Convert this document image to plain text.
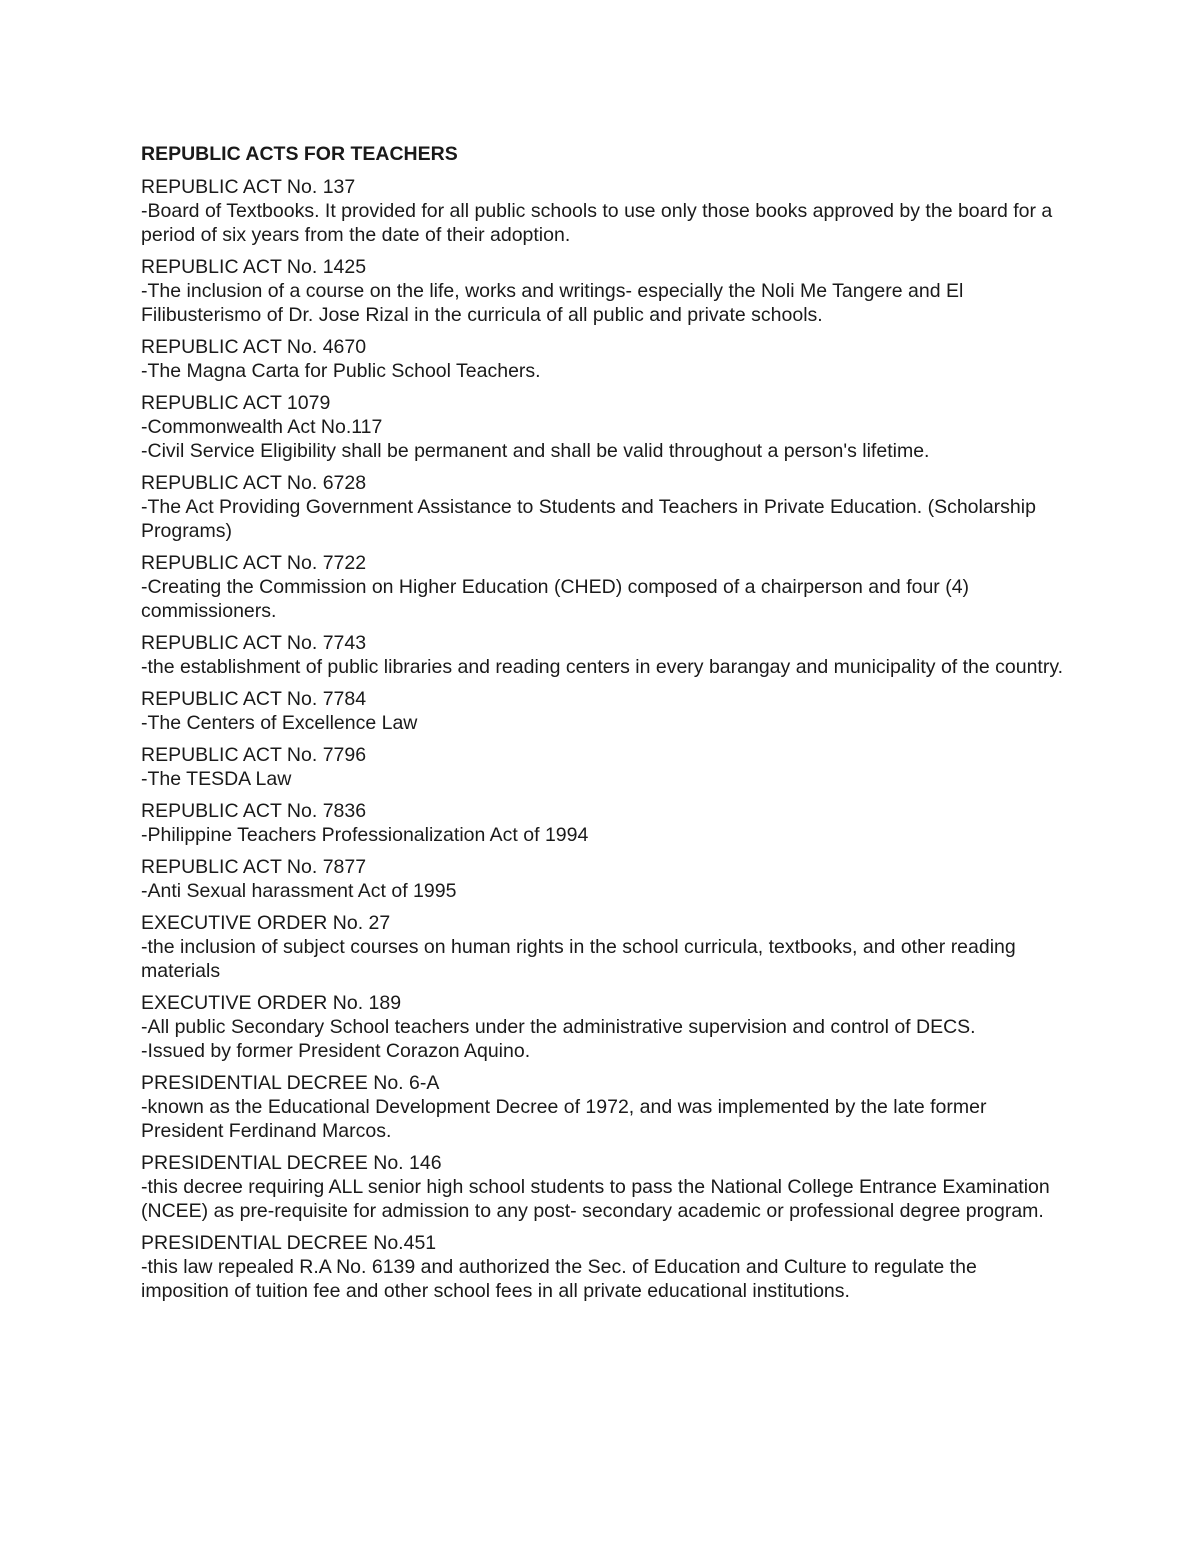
REPUBLIC ACTS FOR TEACHERS
REPUBLIC ACT No. 137
-Board of Textbooks. It provided for all public schools to use only those books approved by the board for a period of six years from the date of their adoption.
REPUBLIC ACT No. 1425
-The inclusion of a course on the life, works and writings- especially the Noli Me Tangere and El Filibusterismo of Dr. Jose Rizal in the curricula of all public and private schools.
REPUBLIC ACT No. 4670
-The Magna Carta for Public School Teachers.
REPUBLIC ACT 1079
-Commonwealth Act No.117
-Civil Service Eligibility shall be permanent and shall be valid throughout a person's lifetime.
REPUBLIC ACT No. 6728
-The Act Providing Government Assistance to Students and Teachers in Private Education. (Scholarship Programs)
REPUBLIC ACT No. 7722
-Creating the Commission on Higher Education (CHED) composed of a chairperson and four (4) commissioners.
REPUBLIC ACT No. 7743
-the establishment of public libraries and reading centers in every barangay and municipality of the country.
REPUBLIC ACT No. 7784
-The Centers of Excellence Law
REPUBLIC ACT No. 7796
-The TESDA Law
REPUBLIC ACT No. 7836
-Philippine Teachers Professionalization Act of 1994
REPUBLIC ACT No. 7877
-Anti Sexual harassment Act of 1995
EXECUTIVE ORDER No. 27
-the inclusion of subject courses on human rights in the school curricula, textbooks, and other reading materials
EXECUTIVE ORDER No. 189
-All public Secondary School teachers under the administrative supervision and control of DECS.
-Issued by former President Corazon Aquino.
PRESIDENTIAL DECREE No. 6-A
-known as the Educational Development Decree of 1972, and was implemented by the late former President Ferdinand Marcos.
PRESIDENTIAL DECREE No. 146
-this decree requiring ALL senior high school students to pass the National College Entrance Examination (NCEE) as pre-requisite for admission to any post- secondary academic or professional degree program.
PRESIDENTIAL DECREE No.451
-this law repealed R.A No. 6139 and authorized the Sec. of Education and Culture to regulate the imposition of tuition fee and other school fees in all private educational institutions.
